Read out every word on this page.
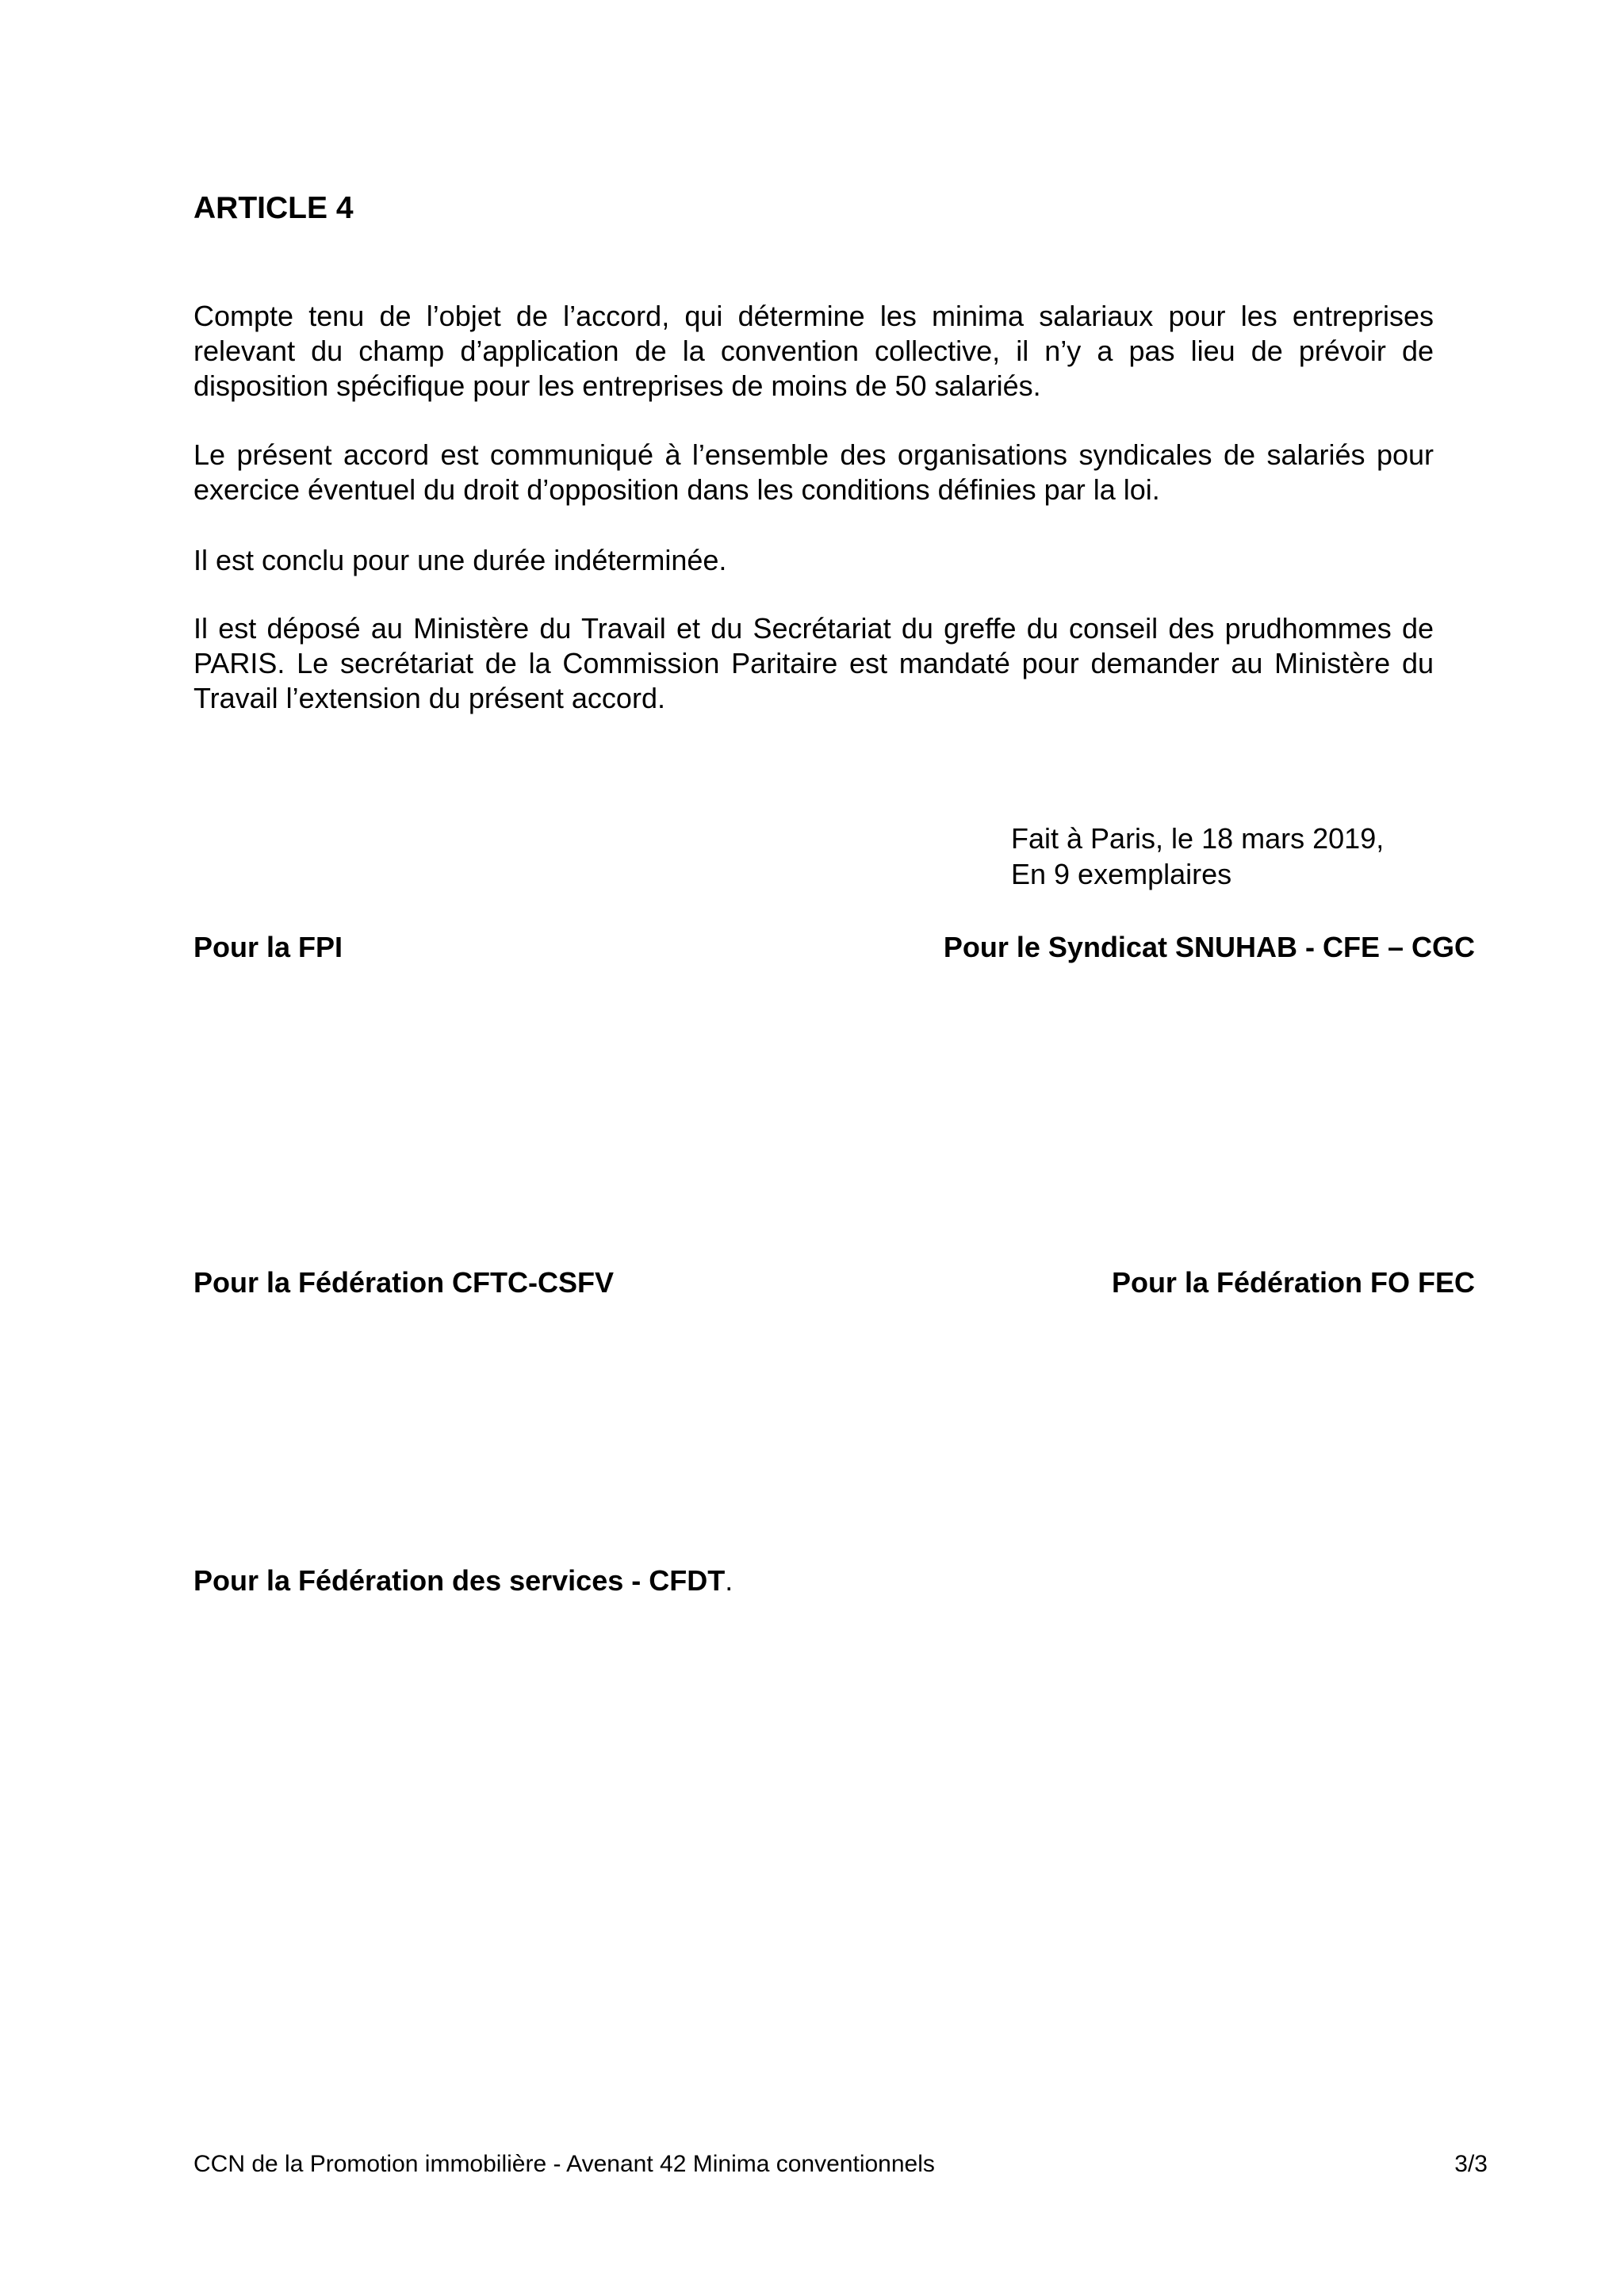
ARTICLE 4

Compte tenu de l’objet de l’accord, qui détermine les minima salariaux pour les entreprises relevant du champ d’application de la convention collective, il n’y a pas lieu de prévoir de disposition spécifique pour les entreprises de moins de 50 salariés.

Le présent accord est communiqué à l’ensemble des organisations syndicales de salariés pour exercice éventuel du droit d’opposition dans les conditions définies par la loi.

Il est conclu pour une durée indéterminée.

Il est déposé au Ministère du Travail et du Secrétariat du greffe du conseil des prudhommes de PARIS. Le secrétariat de la Commission Paritaire est mandaté pour demander au Ministère du Travail l’extension du présent accord.

Fait à Paris, le 18 mars 2019,
En 9 exemplaires
Pour la FPI	Pour le Syndicat SNUHAB - CFE – CGC
Pour la Fédération CFTC-CSFV	Pour la Fédération FO FEC
Pour la Fédération des services - CFDT.
CCN de la Promotion immobilière - Avenant 42 Minima conventionnels	3/3
